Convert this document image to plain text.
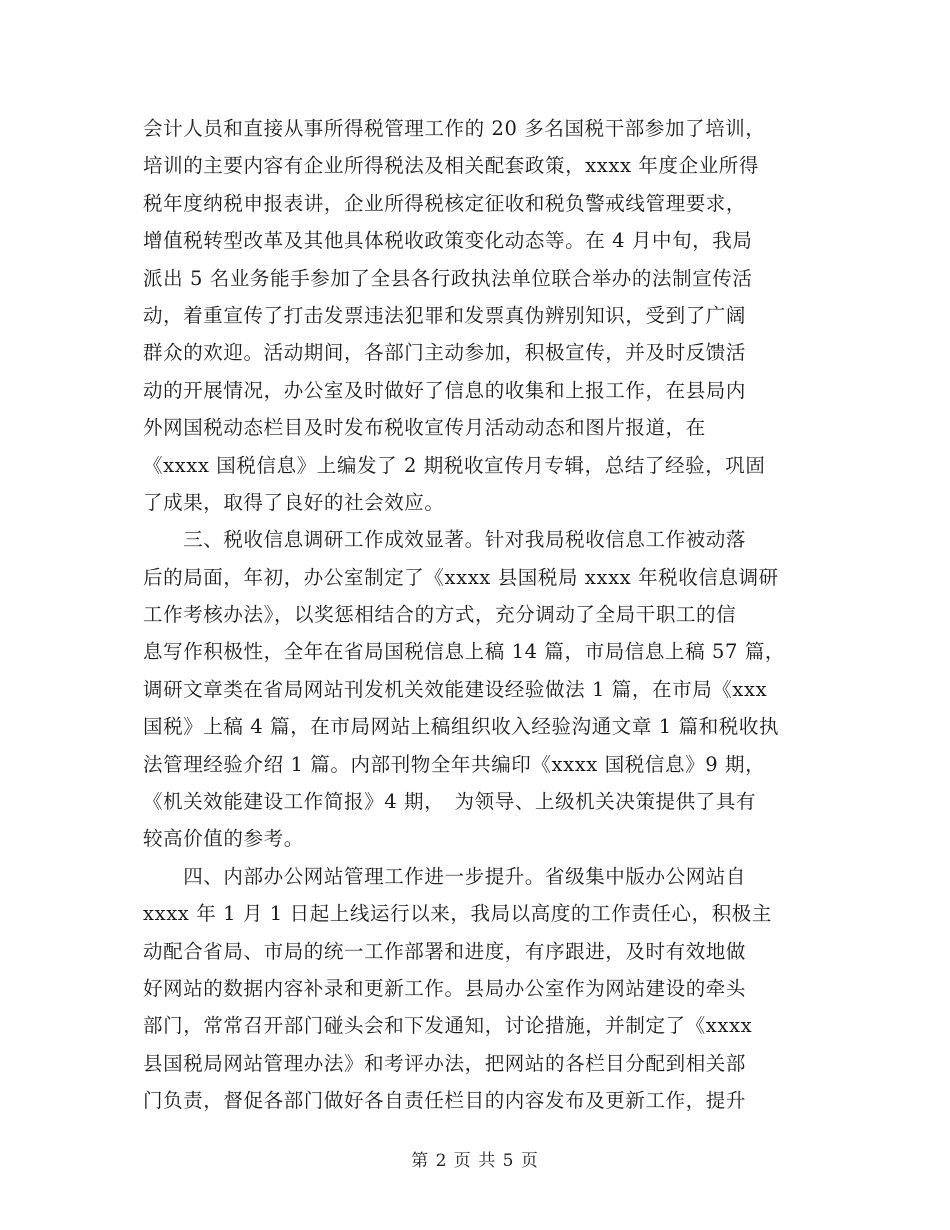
会计人员和直接从事所得税管理工作的 20 多名国税干部参加了培训，
培训的主要内容有企业所得税法及相关配套政策，xxxx 年度企业所得
税年度纳税申报表讲，企业所得税核定征收和税负警戒线管理要求，
增值税转型改革及其他具体税收政策变化动态等。在 4 月中旬，我局
派出 5 名业务能手参加了全县各行政执法单位联合举办的法制宣传活
动，着重宣传了打击发票违法犯罪和发票真伪辨别知识，受到了广阔
群众的欢迎。活动期间，各部门主动参加，积极宣传，并及时反馈活
动的开展情况，办公室及时做好了信息的收集和上报工作，在县局内
外网国税动态栏目及时发布税收宣传月活动动态和图片报道，在
《xxxx 国税信息》上编发了 2 期税收宣传月专辑，总结了经验，巩固
了成果，取得了良好的社会效应。
　　三、税收信息调研工作成效显著。针对我局税收信息工作被动落
后的局面，年初，办公室制定了《xxxx 县国税局 xxxx 年税收信息调研
工作考核办法》，以奖惩相结合的方式，充分调动了全局干职工的信
息写作积极性，全年在省局国税信息上稿 14 篇，市局信息上稿 57 篇，
调研文章类在省局网站刊发机关效能建设经验做法 1 篇，在市局《xxx
国税》上稿 4 篇，在市局网站上稿组织收入经验沟通文章 1 篇和税收执
法管理经验介绍 1 篇。内部刊物全年共编印《xxxx 国税信息》9 期，
《机关效能建设工作简报》4 期，　为领导、上级机关决策提供了具有
较高价值的参考。
　　四、内部办公网站管理工作进一步提升。省级集中版办公网站自
xxxx 年 1 月 1 日起上线运行以来，我局以高度的工作责任心，积极主
动配合省局、市局的统一工作部署和进度，有序跟进，及时有效地做
好网站的数据内容补录和更新工作。县局办公室作为网站建设的牵头
部门，常常召开部门碰头会和下发通知，讨论措施，并制定了《xxxx
县国税局网站管理办法》和考评办法，把网站的各栏目分配到相关部
门负责，督促各部门做好各自责任栏目的内容发布及更新工作，提升
第 2 页 共 5 页
